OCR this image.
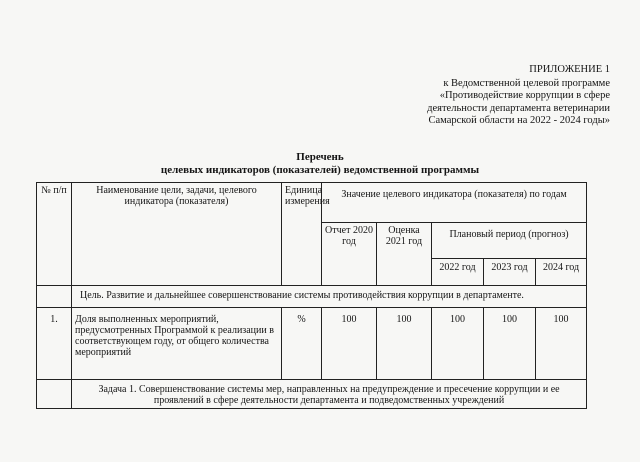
ПРИЛОЖЕНИЕ 1
к Ведомственной целевой программе
«Противодействие коррупции в сфере
деятельности департамента ветеринарии
Самарской области на 2022 - 2024 годы»
Перечень
целевых индикаторов (показателей) ведомственной программы
№ п/п	Наименование цели, задачи, целевого индикатора (показателя)	Единица измерения	Значение целевого индикатора (показателя) по годам				
			Отчет 2020 год	Оценка 2021 год	Плановый период (прогноз)		
					2022 год	2023 год	2024 год
	Цель. Развитие и дальнейшее совершенствование системы противодействия коррупции в департаменте.						
1.	Доля выполненных мероприятий, предусмотренных Программой к реализации в соответствующем году, от общего количества мероприятий	%	100	100	100	100	100
	Задача 1. Совершенствование системы мер, направленных на предупреждение и пресечение коррупции и ее проявлений в сфере деятельности департамента и подведомственных учреждений						
